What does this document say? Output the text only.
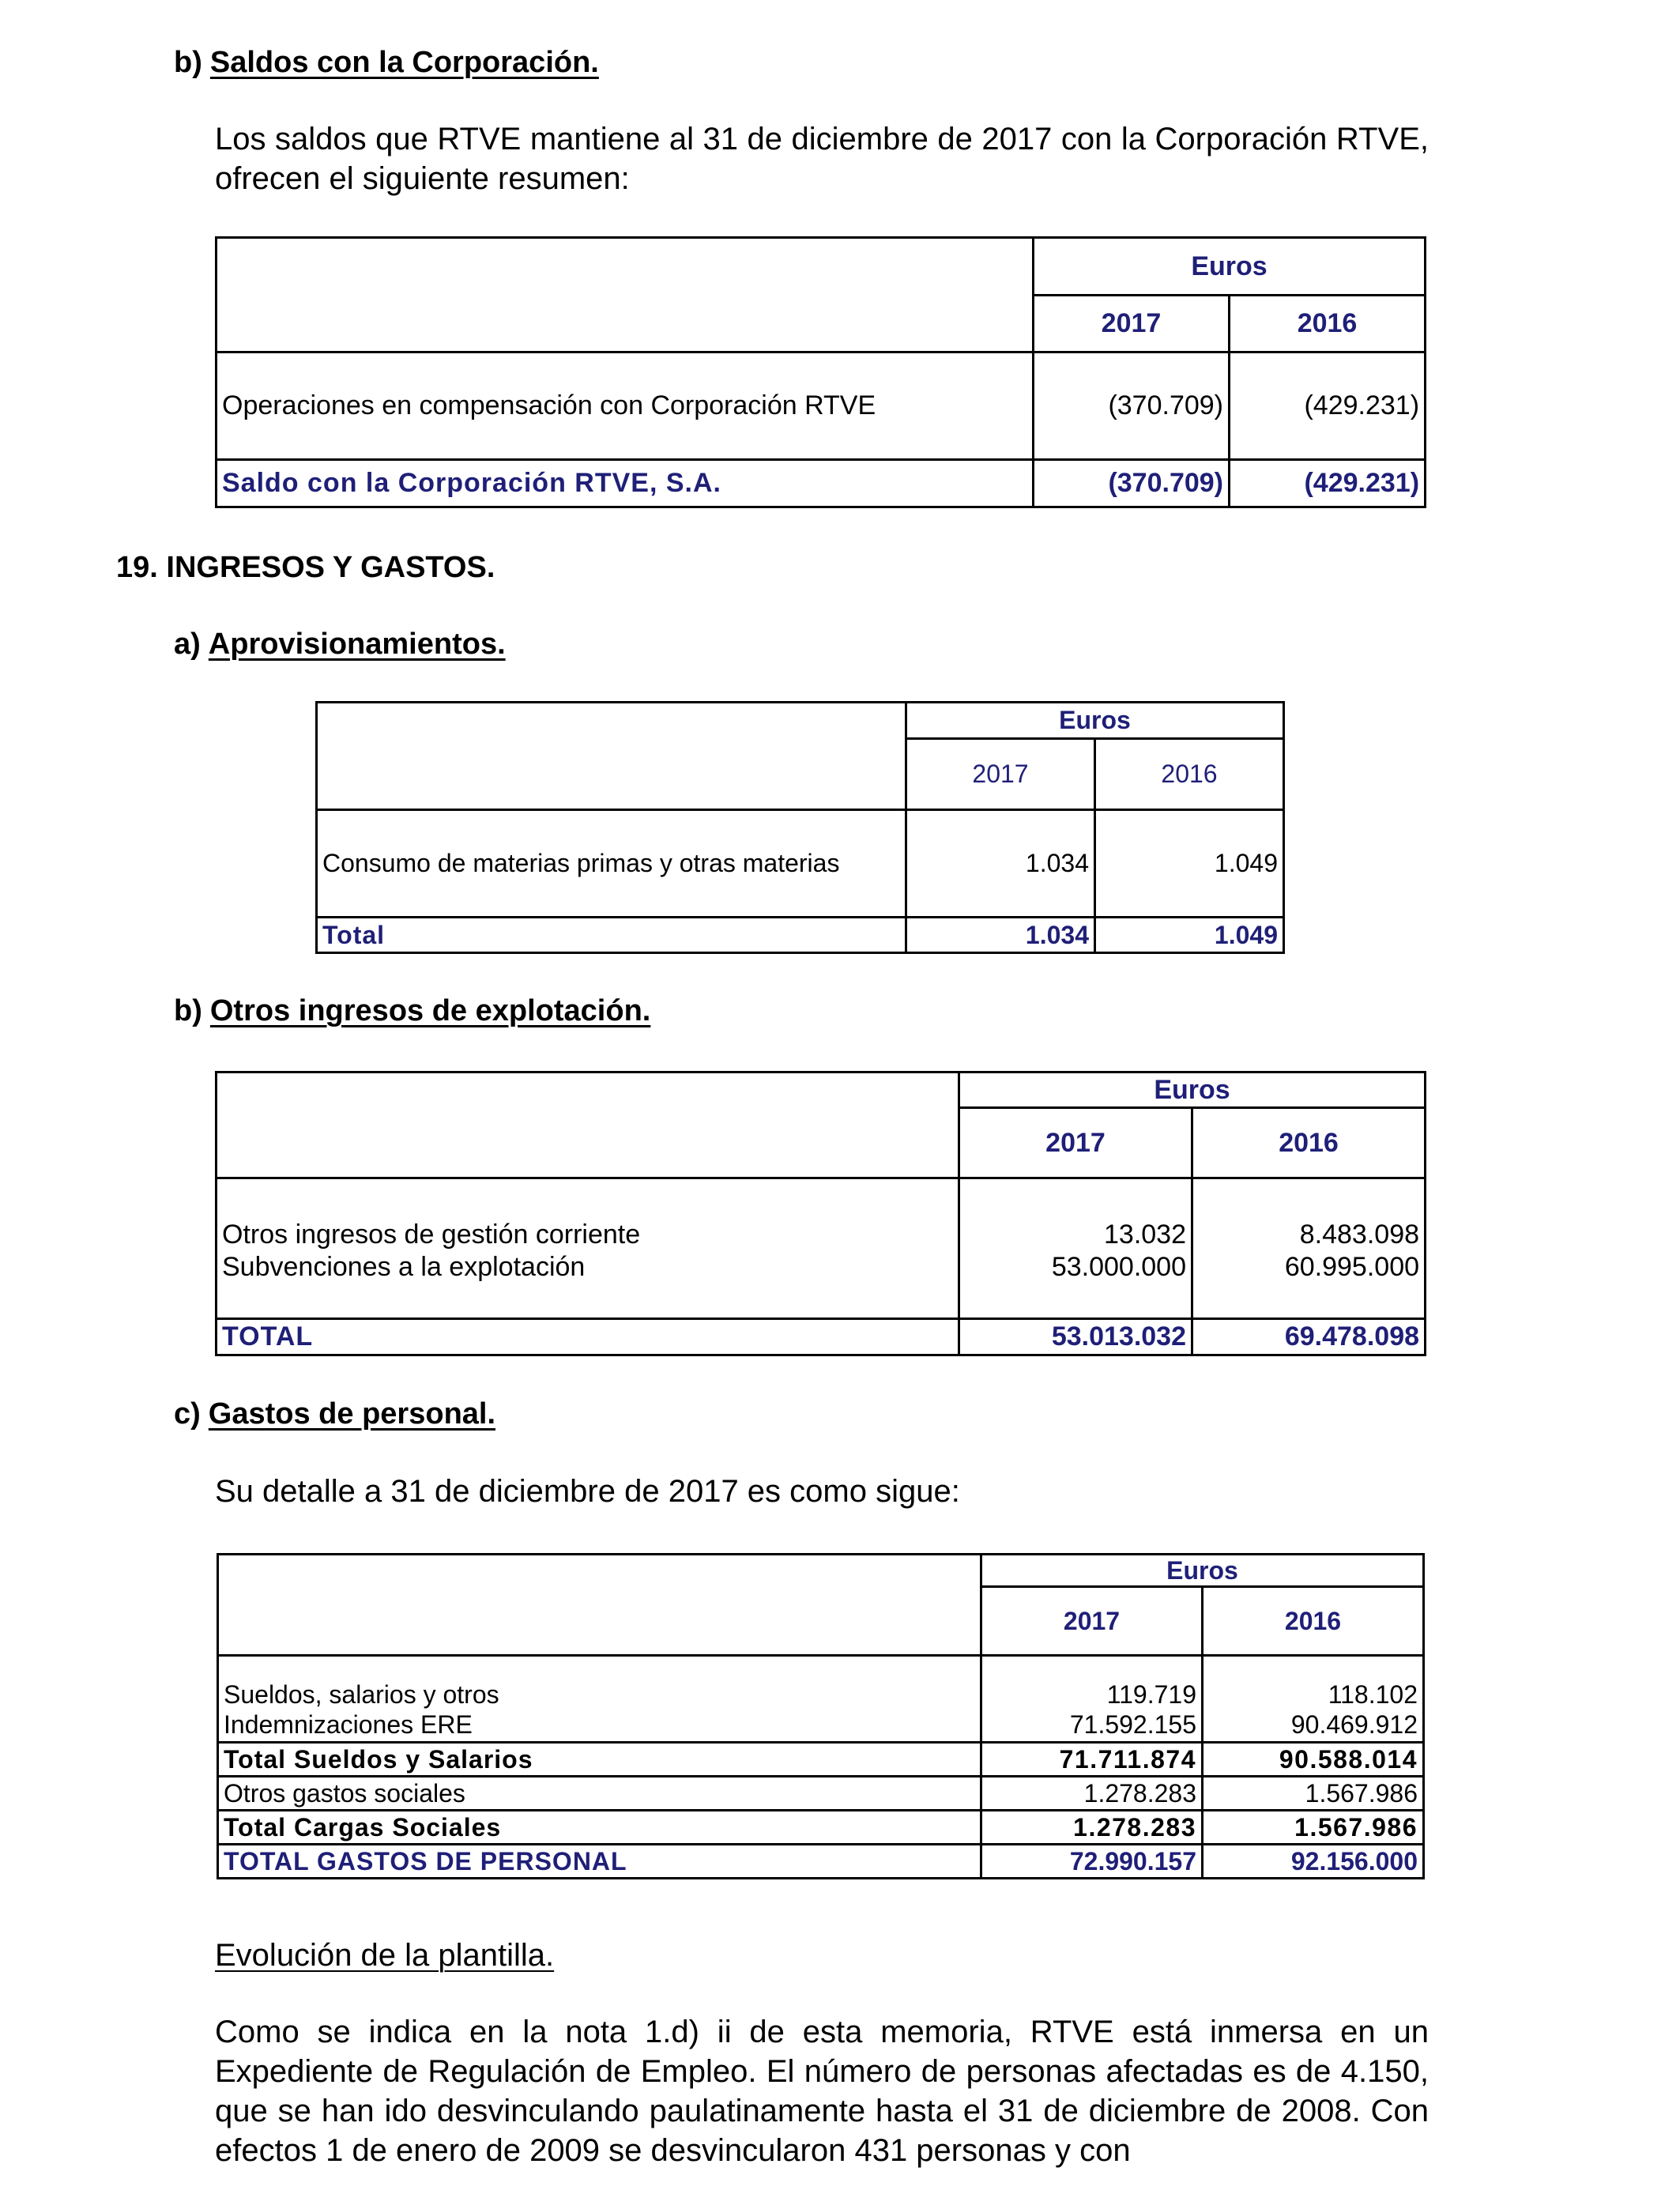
b) Saldos con la Corporación.
Los saldos que RTVE mantiene al 31 de diciembre de 2017 con la Corporación RTVE, ofrecen el siguiente resumen:
	Euros	
	2017	2016
Operaciones en compensación con Corporación RTVE	(370.709)	(429.231)
Saldo con la Corporación RTVE, S.A.	(370.709)	(429.231)
19. INGRESOS Y GASTOS.
a) Aprovisionamientos.
	Euros	
	2017	2016
Consumo de materias primas y otras materias	1.034	1.049
Total	1.034	1.049
b) Otros ingresos de explotación.
	Euros	
	2017	2016
Otros ingresos de gestión corriente	13.032	8.483.098
Subvenciones a la explotación	53.000.000	60.995.000
TOTAL	53.013.032	69.478.098
c) Gastos de personal.
Su detalle a 31 de diciembre de 2017 es como sigue:
	Euros	
	2017	2016
Sueldos, salarios y otros	119.719	118.102
Indemnizaciones ERE	71.592.155	90.469.912
Total Sueldos y Salarios	71.711.874	90.588.014
Otros gastos sociales	1.278.283	1.567.986
Total Cargas Sociales	1.278.283	1.567.986
TOTAL GASTOS DE PERSONAL	72.990.157	92.156.000
Evolución de la plantilla.
Como se indica en la nota 1.d) ii de esta memoria, RTVE está inmersa en un Expediente de Regulación de Empleo. El número de personas afectadas es de 4.150, que se han ido desvinculando paulatinamente hasta el 31 de diciembre de 2008. Con efectos 1 de enero de 2009 se desvincularon 431 personas y con
